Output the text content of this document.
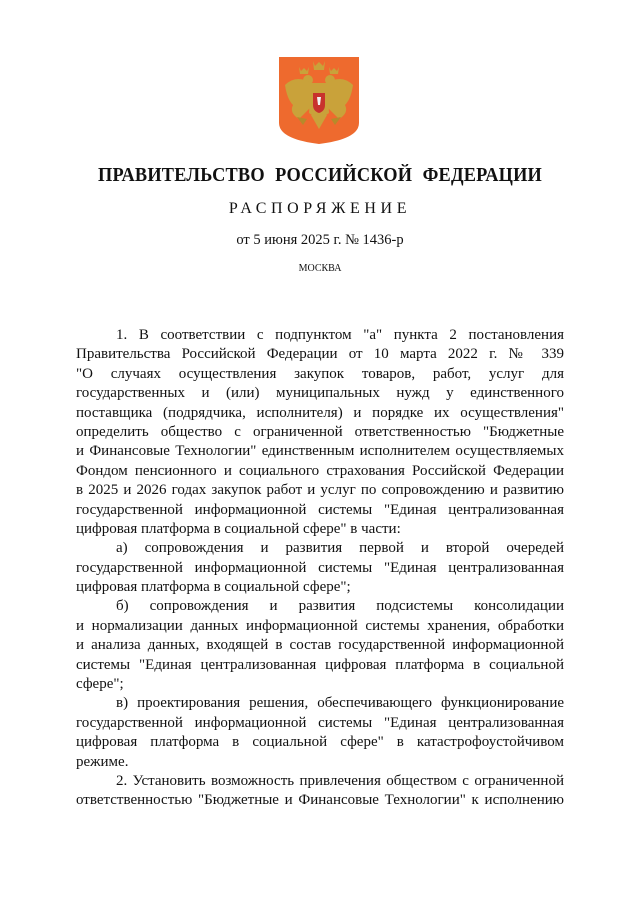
ПРАВИТЕЛЬСТВО РОССИЙСКОЙ ФЕДЕРАЦИИ
РАСПОРЯЖЕНИЕ
от 5 июня 2025 г. № 1436-р
МОСКВА
1. В соответствии с подпунктом "а" пункта 2 постановления
Правительства Российской Федерации от 10 марта 2022 г. № 339
"О случаях осуществления закупок товаров, работ, услуг для
государственных и (или) муниципальных нужд у единственного
поставщика (подрядчика, исполнителя) и порядке их осуществления"
определить общество с ограниченной ответственностью "Бюджетные
и Финансовые Технологии" единственным исполнителем осуществляемых
Фондом пенсионного и социального страхования Российской Федерации
в 2025 и 2026 годах закупок работ и услуг по сопровождению и развитию
государственной информационной системы "Единая централизованная
цифровая платформа в социальной сфере" в части:
а) сопровождения и развития первой и второй очередей
государственной информационной системы "Единая централизованная
цифровая платформа в социальной сфере";
б) сопровождения и развития подсистемы консолидации
и нормализации данных информационной системы хранения, обработки
и анализа данных, входящей в состав государственной информационной
системы "Единая централизованная цифровая платформа в социальной
сфере";
в) проектирования решения, обеспечивающего функционирование
государственной информационной системы "Единая централизованная
цифровая платформа в социальной сфере" в катастрофоустойчивом
режиме.
2. Установить возможность привлечения обществом с ограниченной
ответственностью "Бюджетные и Финансовые Технологии" к исполнению
